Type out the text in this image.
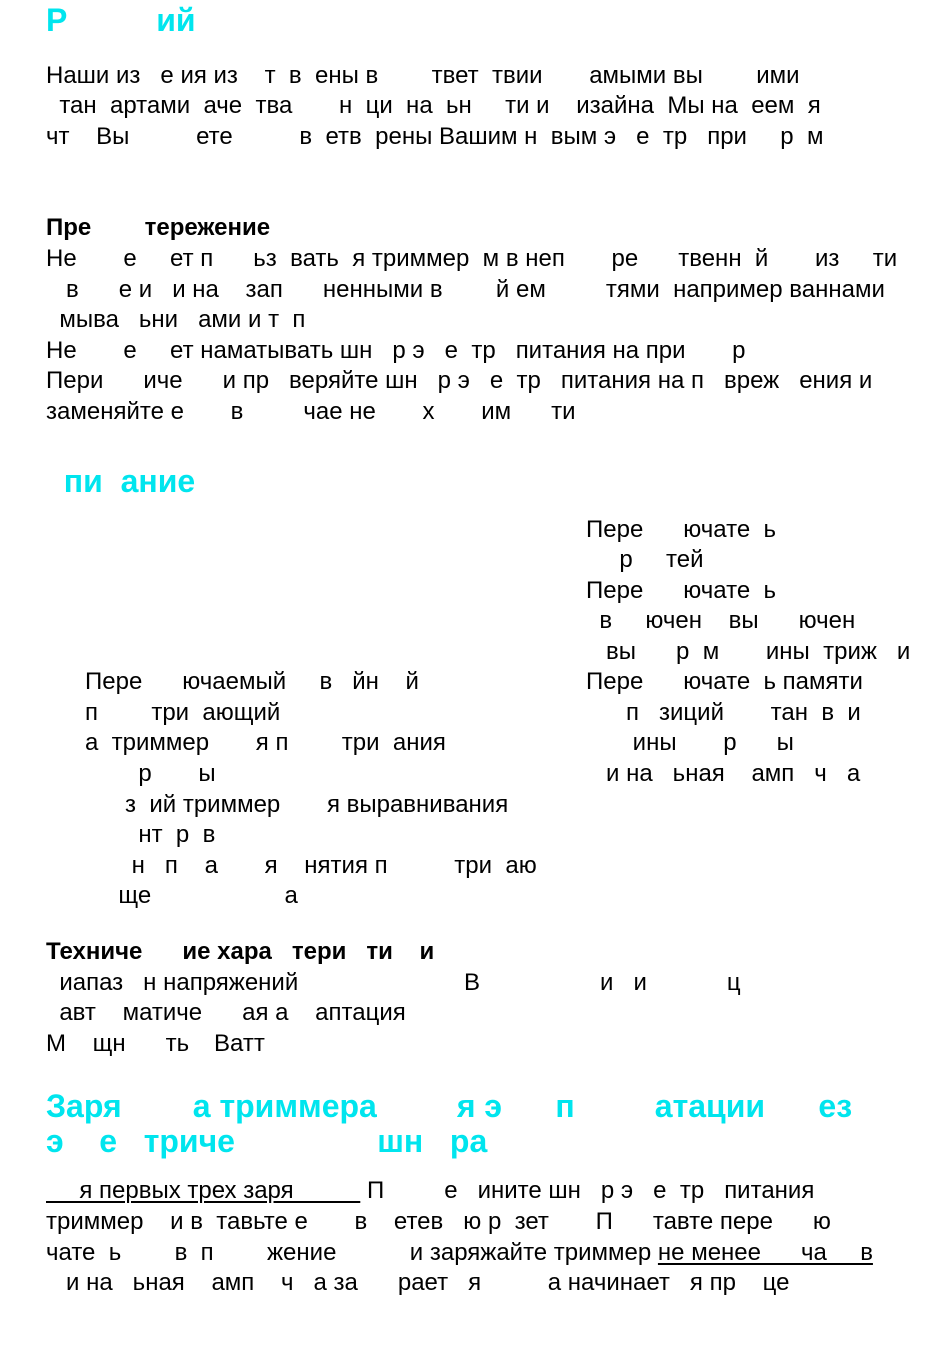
Р          ий
Наши из   е ия из    т  в  ены в        твет  твии       амыми вы        ими
тан  артами  аче  тва       н  ци  на  ьн     ти и    изайна  Мы на  еем  я
чт    Вы          ете          в  етв  рены Вашим н  вым э   е  тр   при     р  м
Пре        тережение
Не       е     ет п      ьз  вать  я триммер  м в неп       ре      твенн  й       из     ти
в      е и   и на    зап      ненными в        й ем         тями  например ваннами
мыва   ьни   ами и т  п
Не       е     ет наматывать шн   р э   е  тр   питания на при       р
Пери      иче      и пр   веряйте шн   р э   е  тр   питания на п   вреж   ения и
заменяйте е       в         чае не       х       им      ти
пи  ание
Пере      ючате  ь
р     тей
Пере      ючате  ь
в     ючен    вы      ючен
вы      р  м       ины  триж   и
Пере      ючате  ь памяти
п   зиций       тан  в  и
ины       р      ы
и на   ьная    амп   ч   а
Пере      ючаемый     в   йн    й
п        три  ающий
а  триммер       я п        три  ания
р       ы
з  ий триммер       я выравнивания
нт  р  в
н   п    а       я    нятия п          три  аю
ще                    а
Техниче      ие хара   тери   ти    и
иапаз   н напряжений	В                  и   и            ц
авт    матиче      ая а    аптация
М    щн      ть Ватт
Заря        а триммера         я э      п         атации      ез
э    е   триче                шн   ра
я первых трех заря           П         е   ините шн   р э   е  тр   питания
триммер    и в  тавьте е       в    етев   ю р  зет       П      тавте пере      ю
чате  ь        в  п        жение           и заряжайте триммер не менее      ча     в
и на   ьная    амп    ч   а за      рает   я          а начинает   я пр    це
